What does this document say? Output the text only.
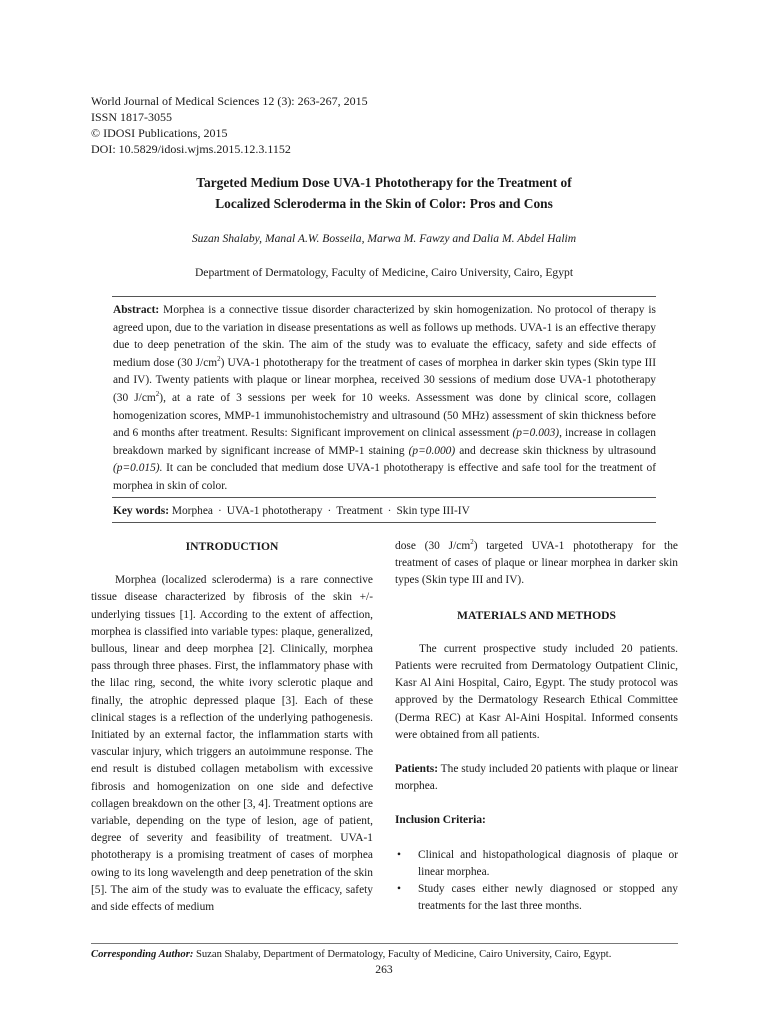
World Journal of Medical Sciences 12 (3): 263-267, 2015
ISSN 1817-3055
© IDOSI Publications, 2015
DOI: 10.5829/idosi.wjms.2015.12.3.1152
Targeted Medium Dose UVA-1 Phototherapy for the Treatment of
Localized Scleroderma in the Skin of Color: Pros and Cons
Suzan Shalaby, Manal A.W. Bosseila, Marwa M. Fawzy and Dalia M. Abdel Halim
Department of Dermatology, Faculty of Medicine, Cairo University, Cairo, Egypt
Abstract: Morphea is a connective tissue disorder characterized by skin homogenization. No protocol of therapy is agreed upon, due to the variation in disease presentations as well as follows up methods. UVA-1 is an effective therapy due to deep penetration of the skin. The aim of the study was to evaluate the efficacy, safety and side effects of medium dose (30 $J/cm^2$) UVA-1 phototherapy for the treatment of cases of morphea in darker skin types (Skin type III and IV). Twenty patients with plaque or linear morphea, received 30 sessions of medium dose UVA-1 phototherapy (30 $J/cm^2$), at a rate of 3 sessions per week for 10 weeks. Assessment was done by clinical score, collagen homogenization scores, MMP-1 immunohistochemistry and ultrasound (50 MHz) assessment of skin thickness before and 6 months after treatment. Results: Significant improvement on clinical assessment (p=0.003), increase in collagen breakdown marked by significant increase of MMP-1 staining (p=0.000) and decrease skin thickness by ultrasound (p=0.015). It can be concluded that medium dose UVA-1 phototherapy is effective and safe tool for the treatment of morphea in skin of color.
Key words: Morphea · UVA-1 phototherapy · Treatment · Skin type III-IV

INTRODUCTION

Morphea (localized scleroderma) is a rare connective tissue disease characterized by fibrosis of the skin +/- underlying tissues [1]. According to the extent of affection, morphea is classified into variable types: plaque, generalized, bullous, linear and deep morphea [2]. Clinically, morphea pass through three phases. First, the inflammatory phase with the lilac ring, second, the white ivory sclerotic plaque and finally, the atrophic depressed plaque [3]. Each of these clinical stages is a reflection of the underlying pathogenesis. Initiated by an external factor, the inflammation starts with vascular injury, which triggers an autoimmune response. The end result is distubed collagen metabolism with excessive fibrosis and homogenization on one side and defective collagen breakdown on the other [3, 4]. Treatment options are variable, depending on the type of lesion, age of patient, degree of severity and feasibility of treatment. UVA-1 phototherapy is a promising treatment of cases of morphea owing to its long wavelength and deep penetration of the skin [5]. The aim of the study was to evaluate the efficacy, safety and side effects of medium

dose (30 $J/cm^2$) targeted UVA-1 phototherapy for the treatment of cases of plaque or linear morphea in darker skin types (Skin type III and IV).

MATERIALS AND METHODS

The current prospective study included 20 patients. Patients were recruited from Dermatology Outpatient Clinic, Kasr Al Aini Hospital, Cairo, Egypt. The study protocol was approved by the Dermatology Research Ethical Committee (Derma REC) at Kasr Al-Aini Hospital. Informed consents were obtained from all patients.

Patients: The study included 20 patients with plaque or linear morphea.

Inclusion Criteria:

• Clinical and histopathological diagnosis of plaque or linear morphea.
• Study cases either newly diagnosed or stopped any treatments for the last three months.
Corresponding Author: Suzan Shalaby, Department of Dermatology, Faculty of Medicine, Cairo University, Cairo, Egypt.
263
